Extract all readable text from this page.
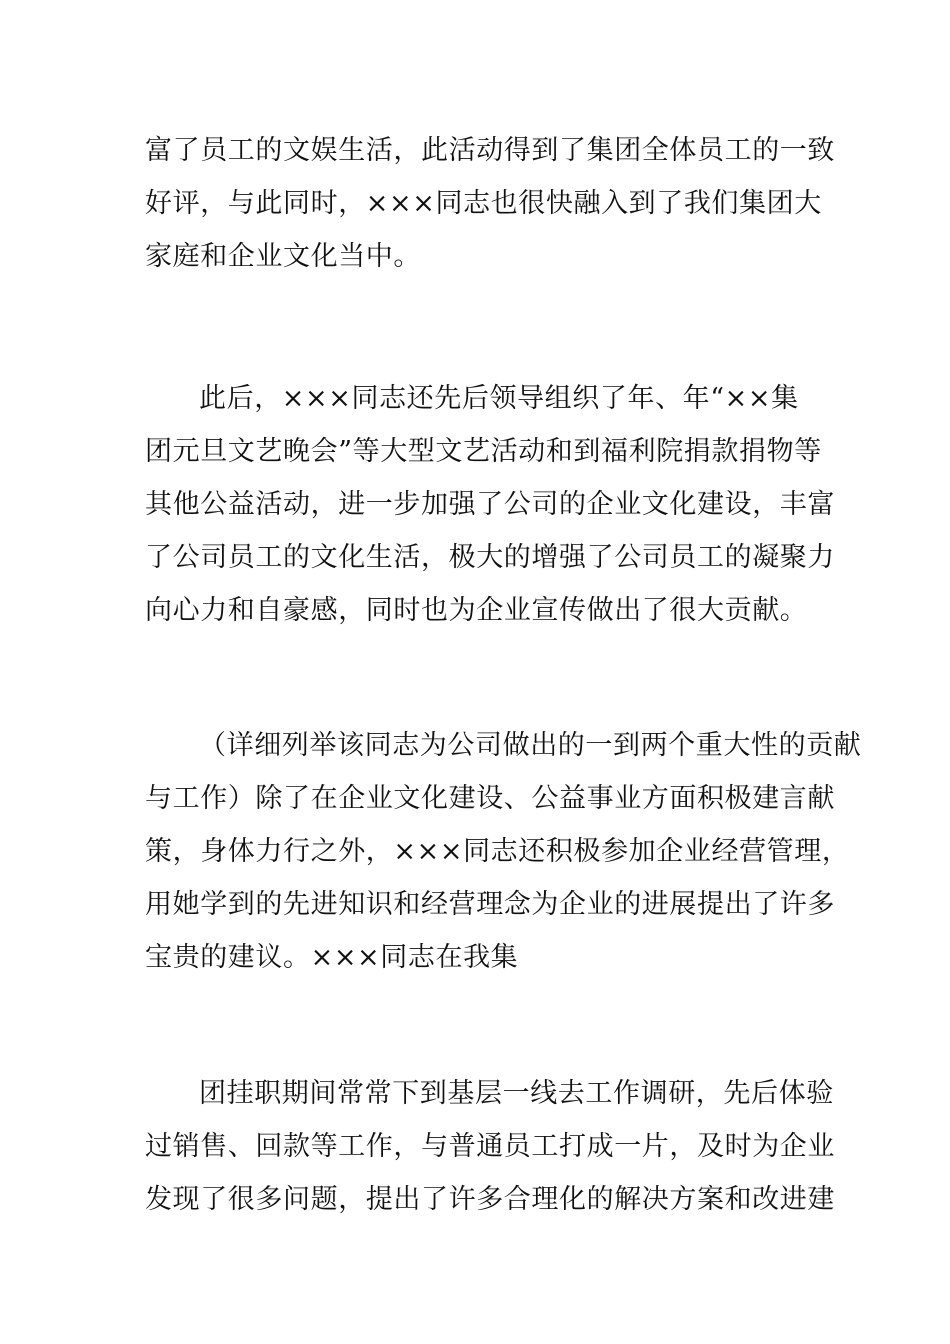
富了员工的文娱生活，此活动得到了集团全体员工的一致
好评，与此同时，×××同志也很快融入到了我们集团大
家庭和企业文化当中。
此后，×××同志还先后领导组织了年、年“××集
团元旦文艺晚会”等大型文艺活动和到福利院捐款捐物等
其他公益活动，进一步加强了公司的企业文化建设，丰富
了公司员工的文化生活，极大的增强了公司员工的凝聚力
向心力和自豪感，同时也为企业宣传做出了很大贡献。
（详细列举该同志为公司做出的一到两个重大性的贡献
与工作）除了在企业文化建设、公益事业方面积极建言献
策，身体力行之外，×××同志还积极参加企业经营管理，
用她学到的先进知识和经营理念为企业的进展提出了许多
宝贵的建议。×××同志在我集
团挂职期间常常下到基层一线去工作调研，先后体验
过销售、回款等工作，与普通员工打成一片，及时为企业
发现了很多问题，提出了许多合理化的解决方案和改进建
